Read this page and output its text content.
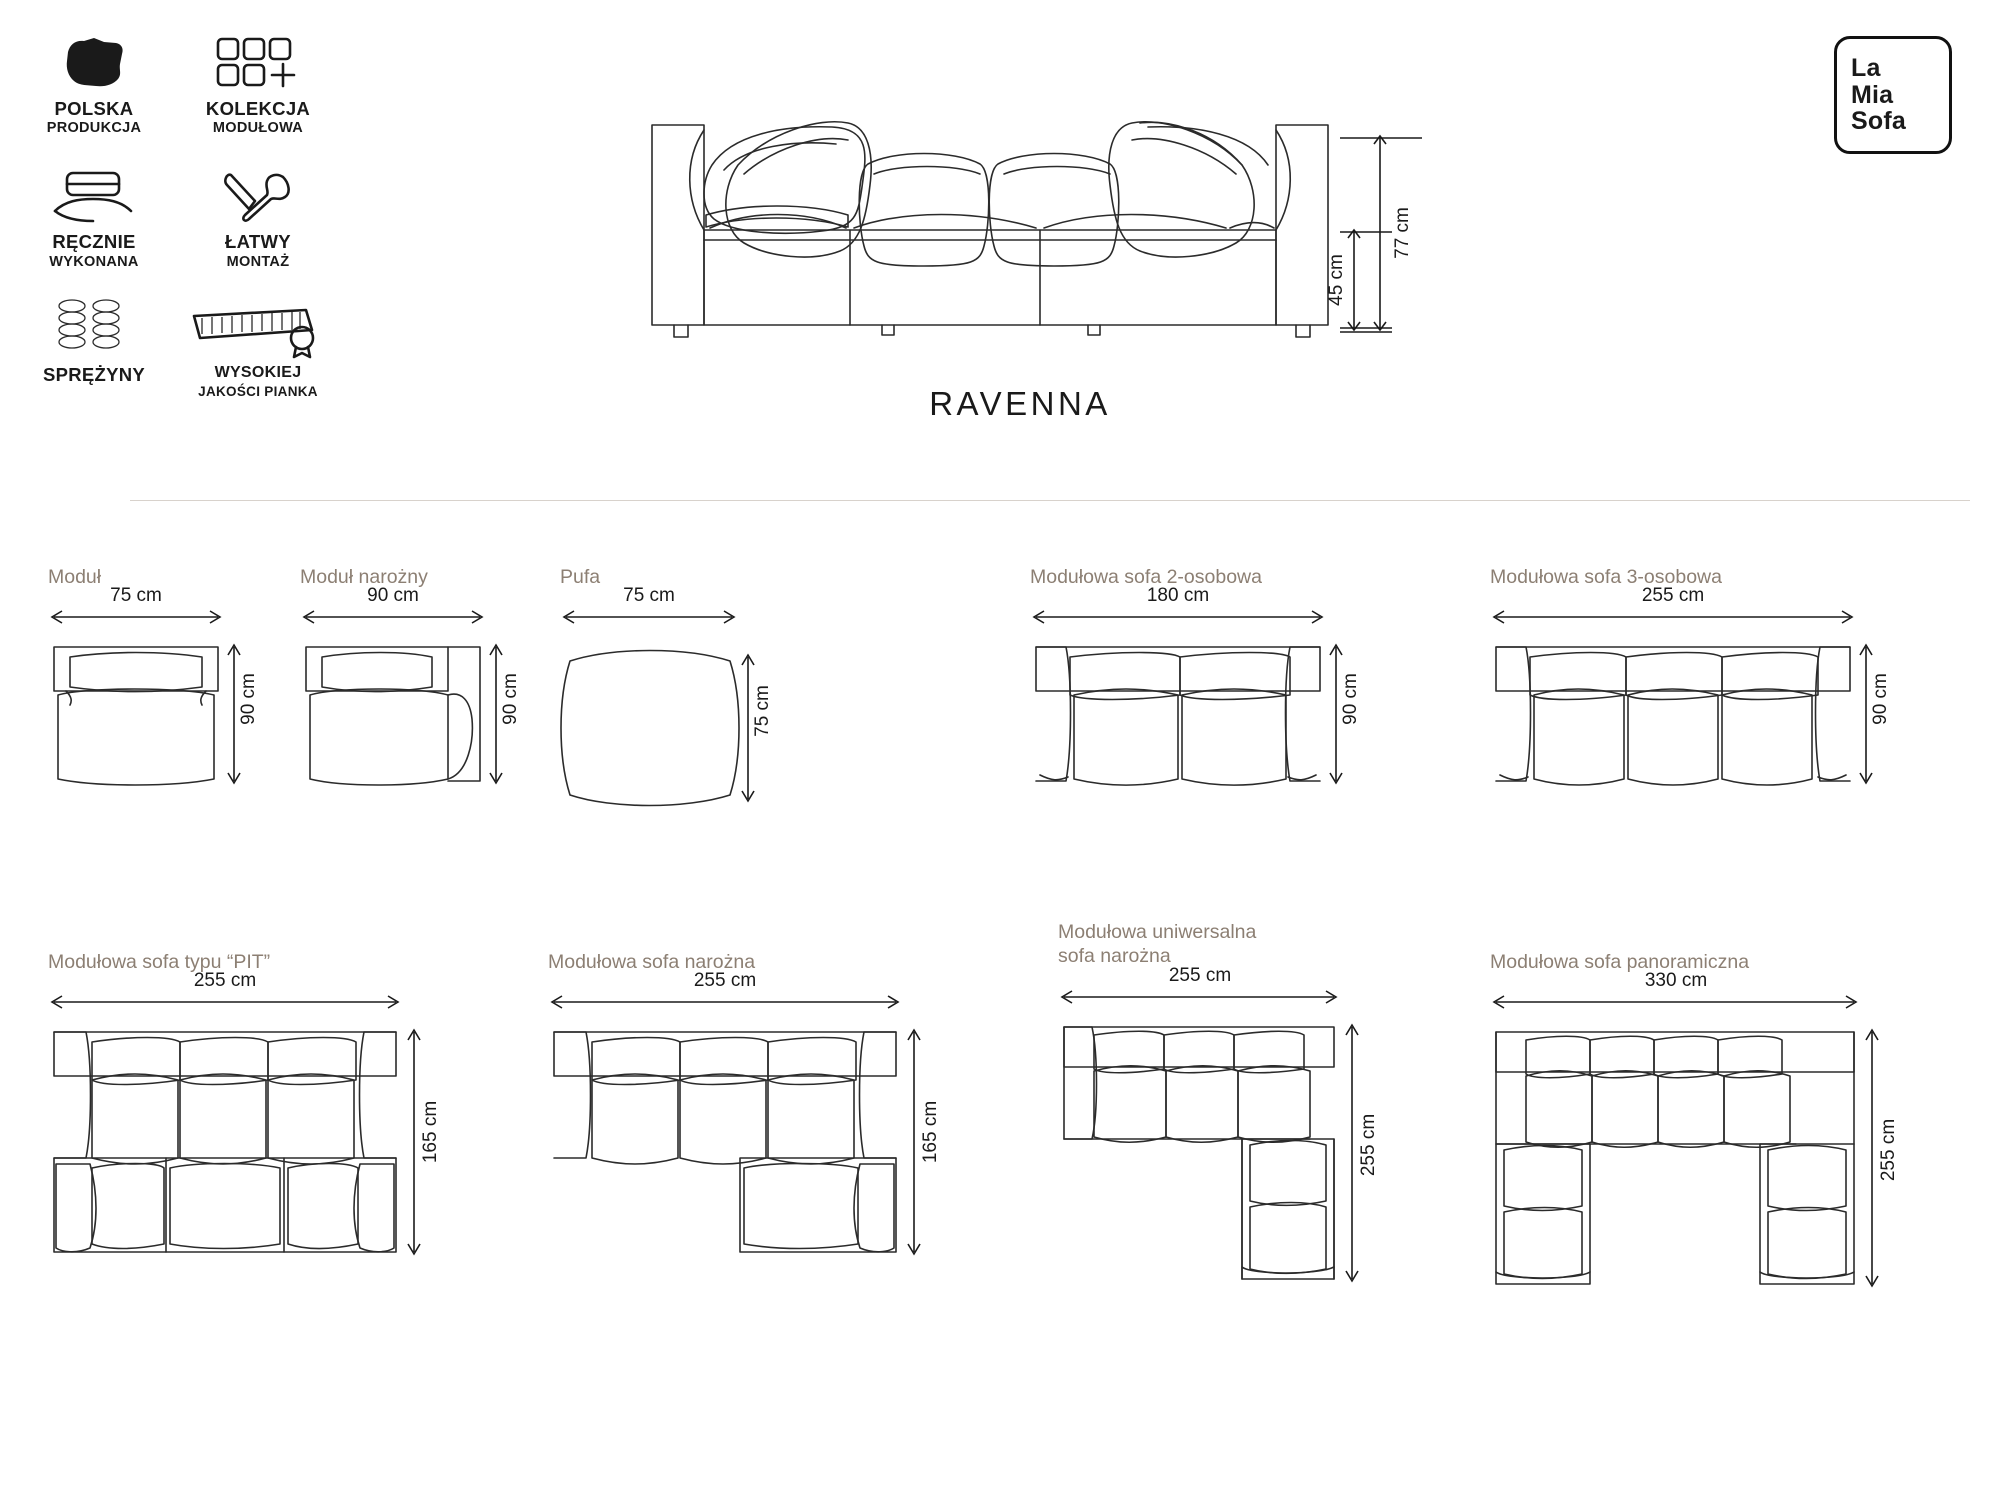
POLSKA
PRODUKCJA
KOLEKCJA
MODUŁOWA
RĘCZNIE
WYKONANA
ŁATWY
MONTAŻ
SPRĘŻYNY	WYSOKIEJ
JAKOŚCI PIANKA
La
Mia
Sofa
77 cm
45 cm
RAVENNA
Moduł
75 cm
90 cm
Moduł narożny
90 cm
90 cm
Pufa
75 cm
75 cm
Modułowa sofa 2-osobowa
180 cm
90 cm
Modułowa sofa 3-osobowa
255 cm
90 cm
Modułowa sofa typu “PIT”
255 cm
165 cm
Modułowa sofa narożna
255 cm
165 cm
Modułowa uniwersalna
sofa narożna
255 cm
255 cm
Modułowa sofa panoramiczna
330 cm
255 cm
